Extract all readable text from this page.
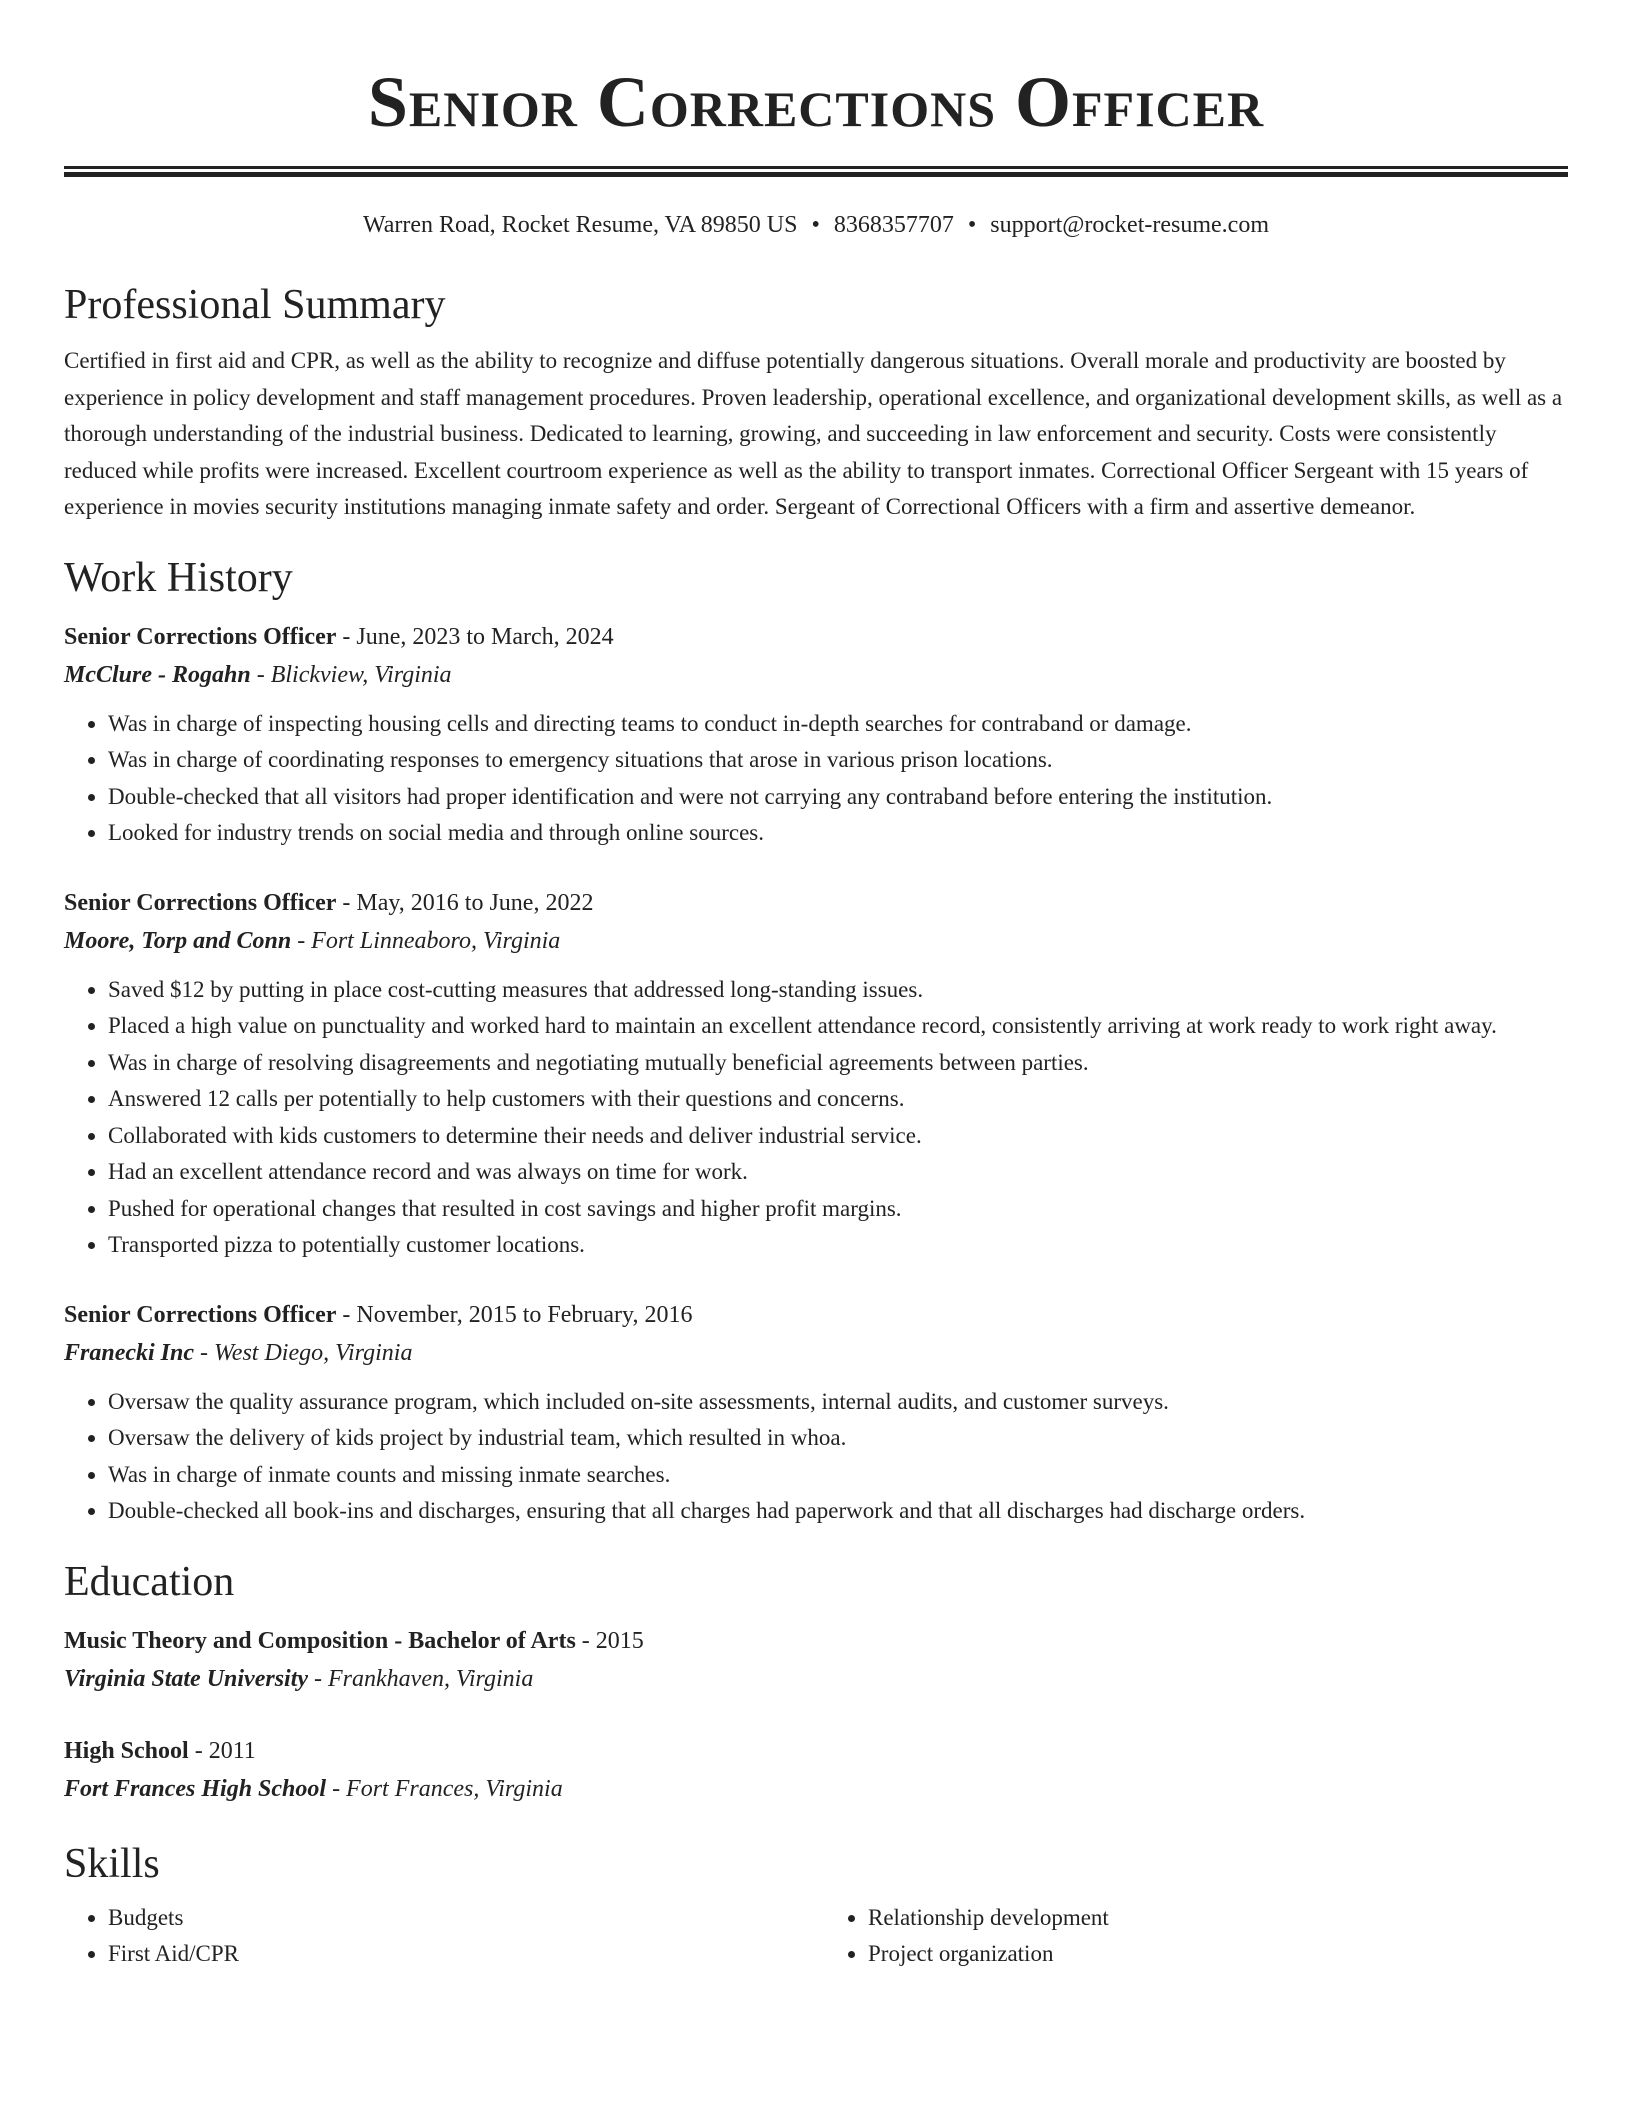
Senior Corrections Officer
Warren Road, Rocket Resume, VA 89850 US • 8368357707 • support@rocket-resume.com
Professional Summary

Certified in first aid and CPR, as well as the ability to recognize and diffuse potentially dangerous situations. Overall morale and productivity are boosted by experience in policy development and staff management procedures. Proven leadership, operational excellence, and organizational development skills, as well as a thorough understanding of the industrial business. Dedicated to learning, growing, and succeeding in law enforcement and security. Costs were consistently reduced while profits were increased. Excellent courtroom experience as well as the ability to transport inmates. Correctional Officer Sergeant with 15 years of experience in movies security institutions managing inmate safety and order. Sergeant of Correctional Officers with a firm and assertive demeanor.

Work History
Senior Corrections Officer - June, 2023 to March, 2024
McClure - Rogahn - Blickview, Virginia
• Was in charge of inspecting housing cells and directing teams to conduct in-depth searches for contraband or damage.
• Was in charge of coordinating responses to emergency situations that arose in various prison locations.
• Double-checked that all visitors had proper identification and were not carrying any contraband before entering the institution.
• Looked for industry trends on social media and through online sources.
Senior Corrections Officer - May, 2016 to June, 2022
Moore, Torp and Conn - Fort Linneaboro, Virginia
• Saved $12 by putting in place cost-cutting measures that addressed long-standing issues.
• Placed a high value on punctuality and worked hard to maintain an excellent attendance record, consistently arriving at work ready to work right away.
• Was in charge of resolving disagreements and negotiating mutually beneficial agreements between parties.
• Answered 12 calls per potentially to help customers with their questions and concerns.
• Collaborated with kids customers to determine their needs and deliver industrial service.
• Had an excellent attendance record and was always on time for work.
• Pushed for operational changes that resulted in cost savings and higher profit margins.
• Transported pizza to potentially customer locations.
Senior Corrections Officer - November, 2015 to February, 2016
Franecki Inc - West Diego, Virginia
• Oversaw the quality assurance program, which included on-site assessments, internal audits, and customer surveys.
• Oversaw the delivery of kids project by industrial team, which resulted in whoa.
• Was in charge of inmate counts and missing inmate searches.
• Double-checked all book-ins and discharges, ensuring that all charges had paperwork and that all discharges had discharge orders.
Education
Music Theory and Composition - Bachelor of Arts - 2015
Virginia State University - Frankhaven, Virginia
High School - 2011
Fort Frances High School - Fort Frances, Virginia
Skills
• Budgets
• First Aid/CPR
• Relationship development
• Project organization
